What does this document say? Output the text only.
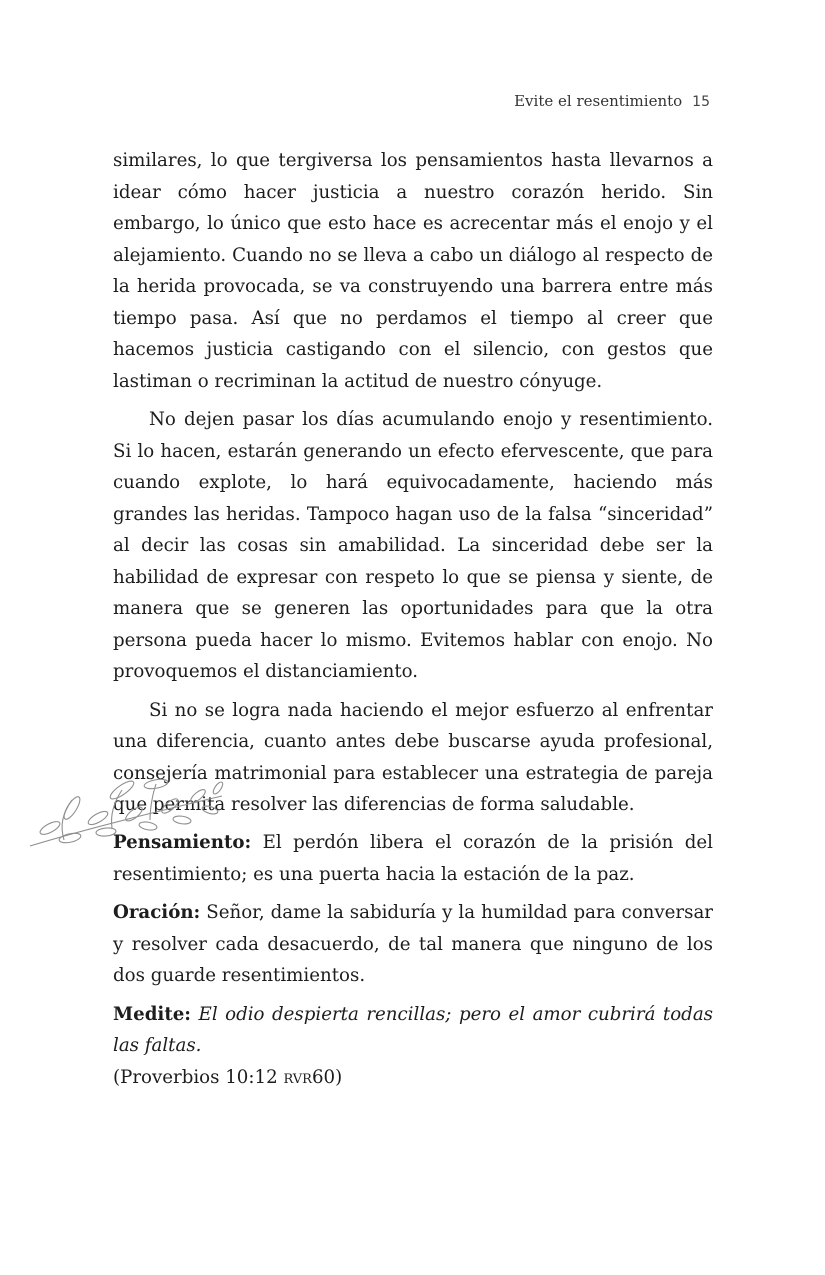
Evite el resentimiento 15

similares, lo que tergiversa los pensamientos hasta llevarnos a idear cómo hacer justicia a nuestro corazón herido. Sin embargo, lo único que esto hace es acrecentar más el enojo y el alejamiento. Cuando no se lleva a cabo un diálogo al respecto de la herida provocada, se va construyendo una barrera entre más tiempo pasa. Así que no perdamos el tiempo al creer que hacemos justicia castigando con el silencio, con gestos que lastiman o recriminan la actitud de nuestro cónyuge.

No dejen pasar los días acumulando enojo y resentimiento. Si lo hacen, estarán generando un efecto efervescente, que para cuando explote, lo hará equivocadamente, haciendo más grandes las heridas. Tampoco hagan uso de la falsa “sinceridad” al decir las cosas sin amabilidad. La sinceridad debe ser la habilidad de expresar con respeto lo que se piensa y siente, de manera que se generen las oportunidades para que la otra persona pueda hacer lo mismo. Evitemos hablar con enojo. No provoquemos el distanciamiento.

Si no se logra nada haciendo el mejor esfuerzo al enfrentar una diferencia, cuanto antes debe buscarse ayuda profesional, consejería matrimonial para establecer una estrategia de pareja que permita resolver las diferencias de forma saludable.

Pensamiento: El perdón libera el corazón de la prisión del resentimiento; es una puerta hacia la estación de la paz.

Oración: Señor, dame la sabiduría y la humildad para conversar y resolver cada desacuerdo, de tal manera que ninguno de los dos guarde resentimientos.

Medite: El odio despierta rencillas; pero el amor cubrirá todas las faltas.
(Proverbios 10:12 rvr60)
